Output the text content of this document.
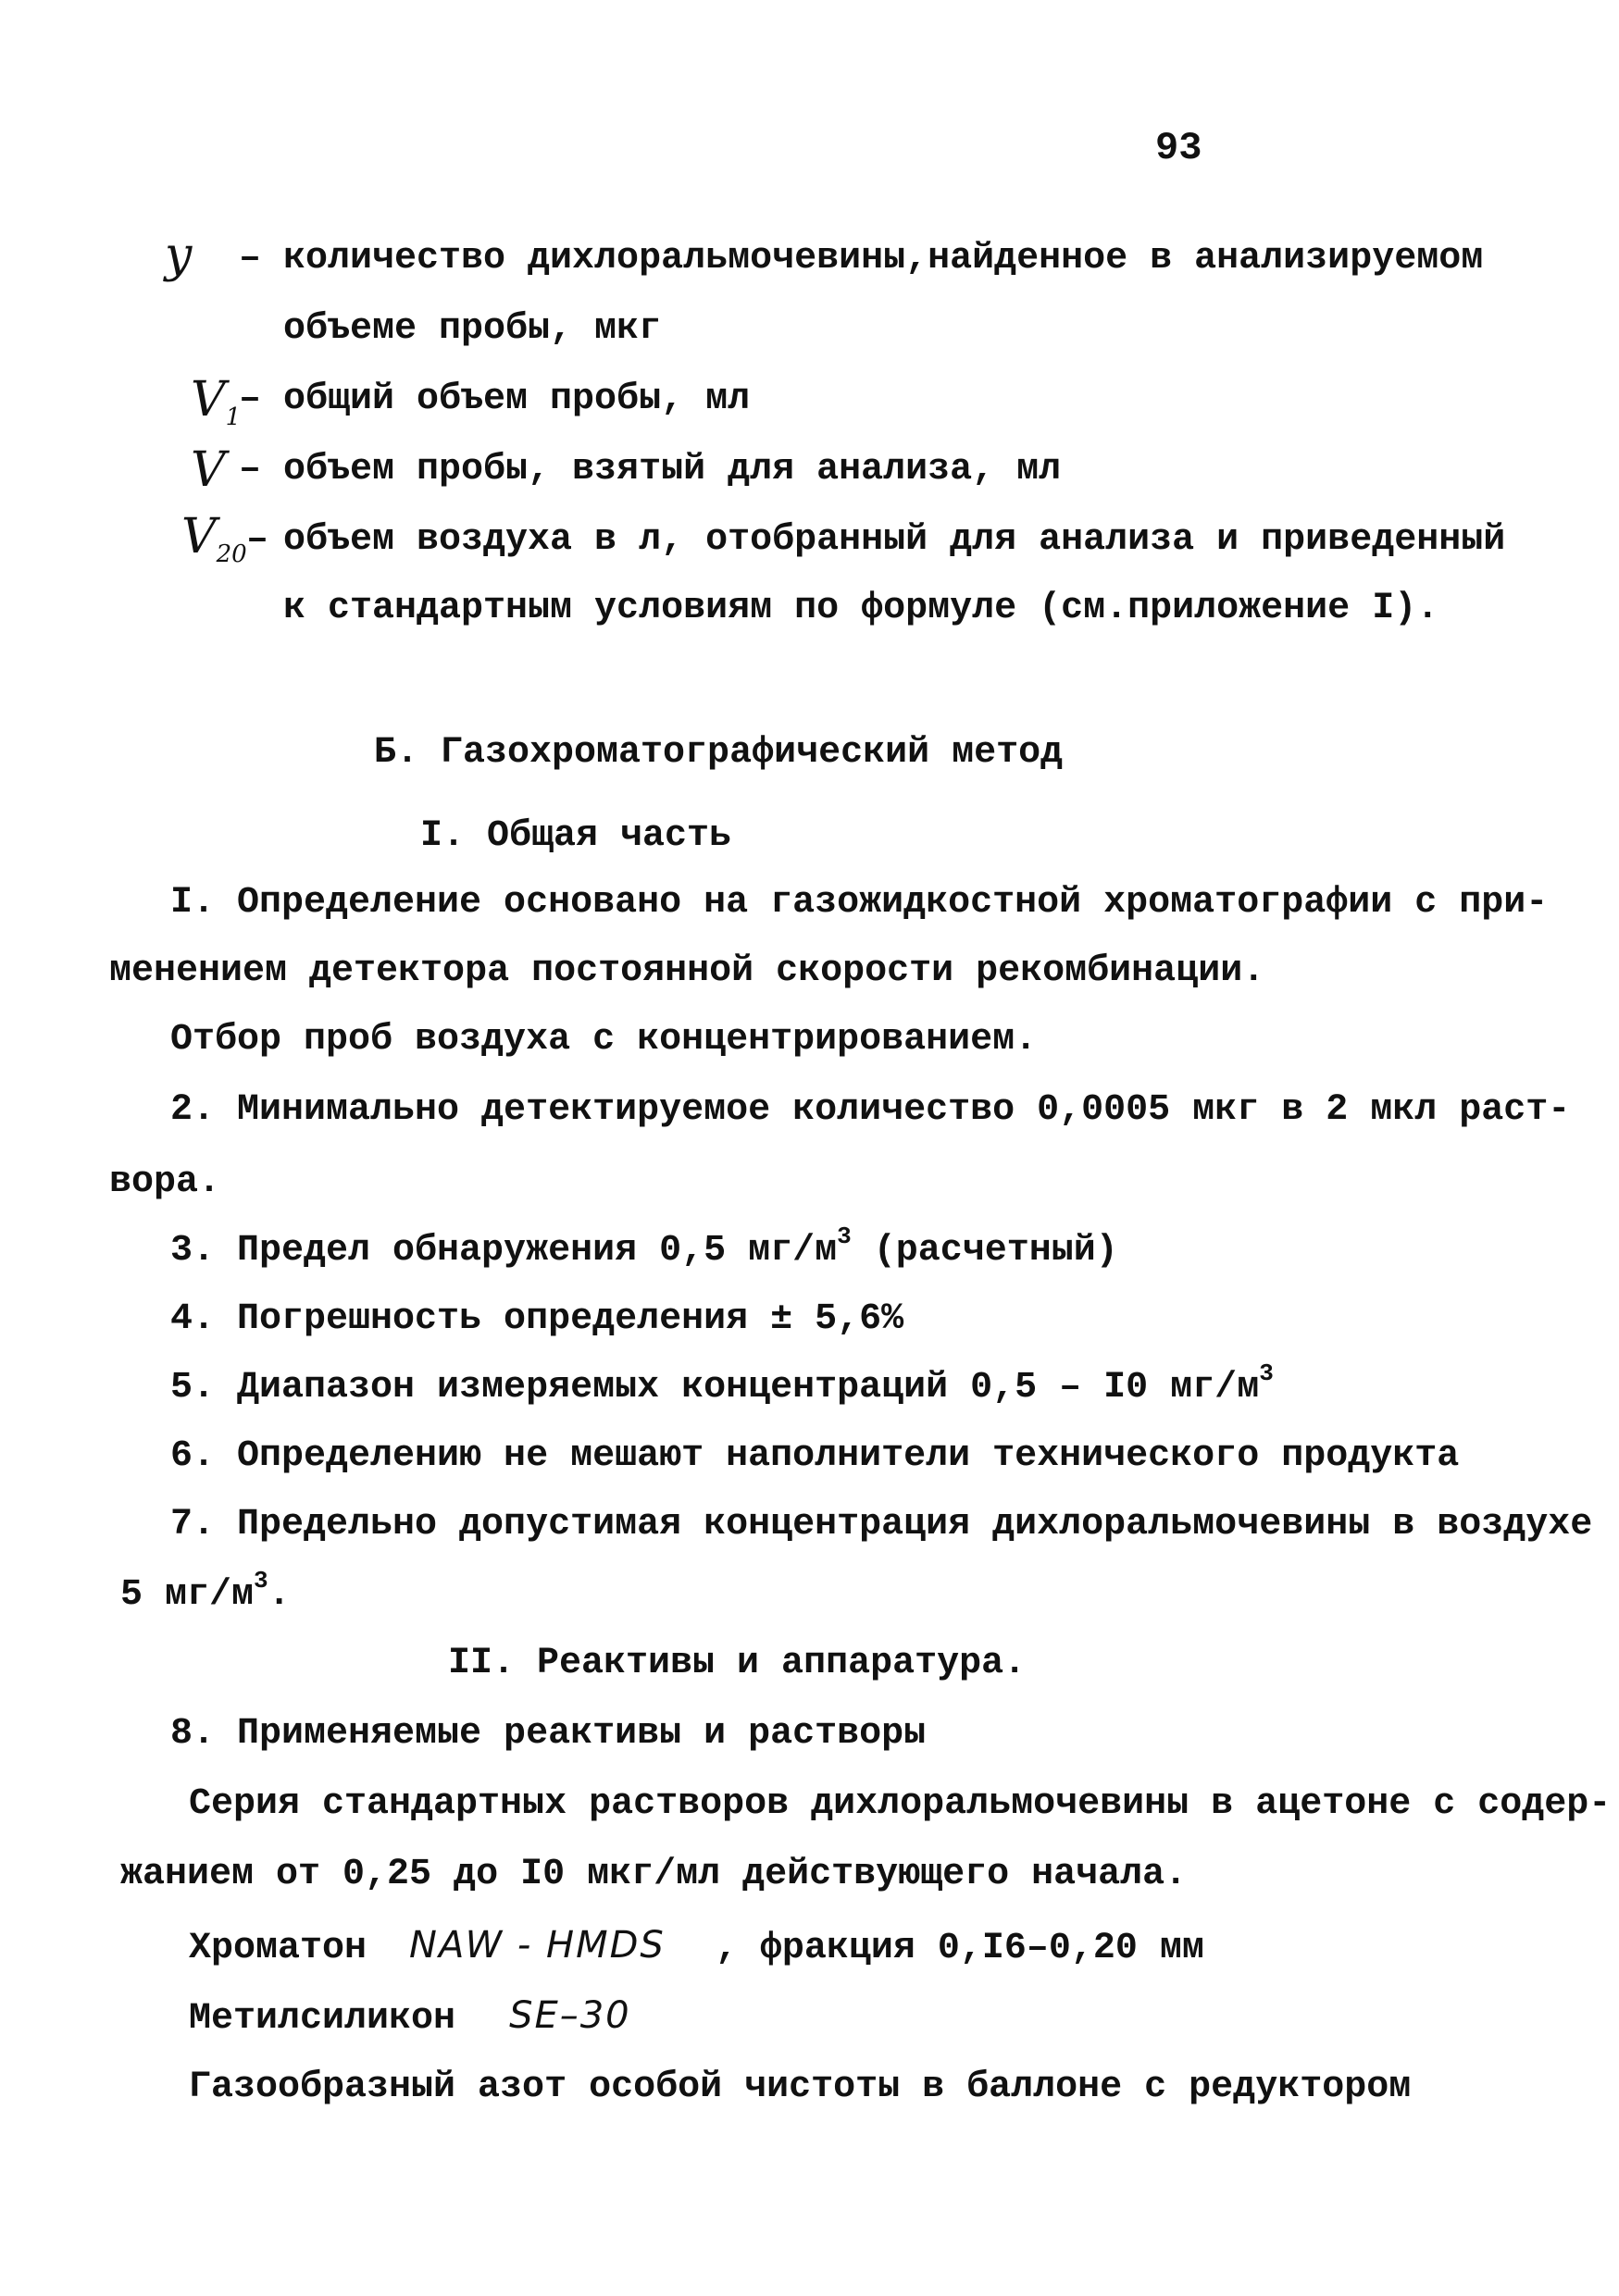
93
y – количество дихлоральмочевины,найденное в анализируемом
объеме пробы, мкг
$V_1$
– общий объем пробы, мл
V – объем пробы, взятый для анализа, мл
$V_{20}$ – объем воздуха в л, отобранный для анализа и приведенный
к стандартным условиям по формуле (см.приложение I).
Б. Газохроматографический метод
I. Общая часть
I. Определение основано на газожидкостной хроматографии с при-
менением детектора постоянной скорости рекомбинации.
Отбор проб воздуха с концентрированием.
2. Минимально детектируемое количество 0,0005 мкг в 2 мкл раст-
вора.
3. Предел обнаружения 0,5 $мг/м^3$ (расчетный)
4. Погрешность определения ± 5,6%
5. Диапазон измеряемых концентраций 0,5 – I0 $мг/м^3$
6. Определению не мешают наполнители технического продукта
7. Предельно допустимая концентрация дихлоральмочевины в воздухе
5 $мг/м^3$.
II. Реактивы и аппаратура.
8. Применяемые реактивы и растворы
Серия стандартных растворов дихлоральмочевины в ацетоне с содер-
жанием от 0,25 до I0 мкг/мл действующего начала.
Хроматон NAW - HMDS , фракция 0,I6–0,20 мм
Метилсиликон SE–30
Газообразный азот особой чистоты в баллоне с редуктором
